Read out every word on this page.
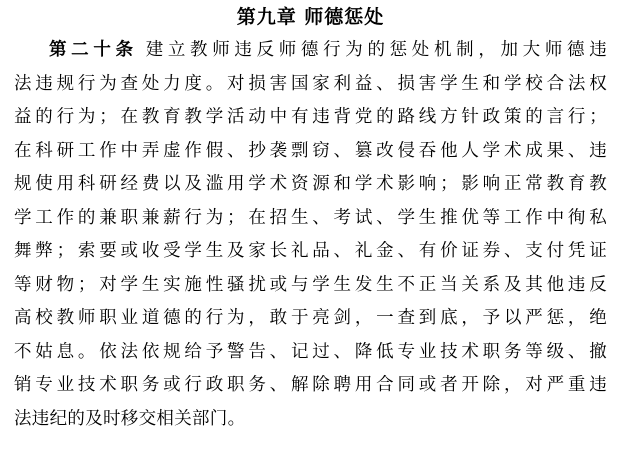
第九章 师德惩处
第二十条 建立教师违反师德行为的惩处机制，加大师德违
法违规行为查处力度。对损害国家利益、损害学生和学校合法权
益的行为；在教育教学活动中有违背党的路线方针政策的言行；
在科研工作中弄虚作假、抄袭剽窃、篡改侵吞他人学术成果、违
规使用科研经费以及滥用学术资源和学术影响；影响正常教育教
学工作的兼职兼薪行为；在招生、考试、学生推优等工作中徇私
舞弊；索要或收受学生及家长礼品、礼金、有价证券、支付凭证
等财物；对学生实施性骚扰或与学生发生不正当关系及其他违反
高校教师职业道德的行为，敢于亮剑，一查到底，予以严惩，绝
不姑息。依法依规给予警告、记过、降低专业技术职务等级、撤
销专业技术职务或行政职务、解除聘用合同或者开除，对严重违
法违纪的及时移交相关部门。
